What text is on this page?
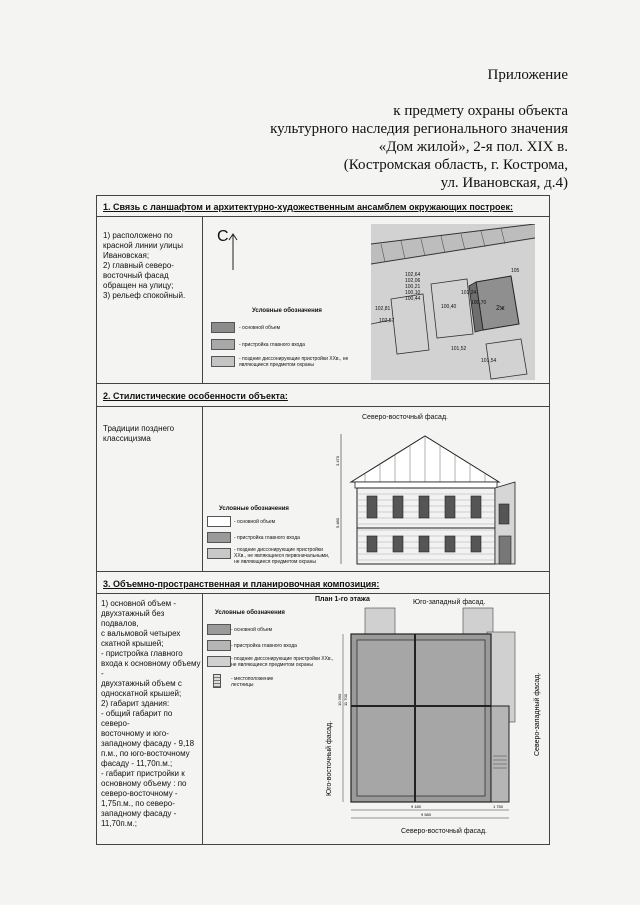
Приложение
к предмету охраны объекта
культурного наследия регионального значения
«Дом жилой», 2-я пол. XIX в.
(Костромская область, г. Кострома,
ул. Ивановская, д.4)
1. Связь с ланшафтом и архитектурно-художественным ансамблем окружающих построек:
1) расположено по
красной линии улицы
Ивановская;
2) главный северо-
восточный фасад
обращен на улицу;
3) рельеф спокойный.
С
Условные обозначения
- основной объем
- пристройка главного входа
- поздние диссонирующие пристройки ХХв., не являющиеся предметом охраны
102,81
100,70
102,57
102,64
102,06
100,21
100,10
100,44
100,40
101,52
101,54
2ж
101,24
105
2. Стилистические особенности объекта:
Традиции позднего
классицизма
Северо-восточный фасад.
Условные обозначения
- основной объем
- пристройка главного входа
- поздние диссонирующие пристройки ХХв., не являющиеся первоначальными, не являющиеся предметом охраны
3.470
5.480
3. Объемно-пространственная и планировочная композиция:
1) основной объем -
двухэтажный без подвалов,
с вальмовой четырех
скатной крышей;
- пристройка главного
входа к основному объему -
двухэтажный объем с
односкатной крышей;
2) габарит здания:
- общий габарит по северо-
восточному и юго-
западному фасаду - 9,18
п.м., по юго-восточному
фасаду - 11,70п.м.;
- габарит пристройки к
основному объему : по
северо-восточному -
1,75п.м., по северо-
западному фасаду -
11,70п.м.;
План 1-го этажа	Юго-западный фасад.
Северо-восточный фасад.
Условные обозначения
- основной объем
- пристройка главного входа
- поздние диссонирующие пристройки ХХв., не являющиеся предметом охраны
- местоположение лестницы
Юго-восточный фасад.
Северо-западный фасад.
9 180	1 750
9 580
10 390 11 700
